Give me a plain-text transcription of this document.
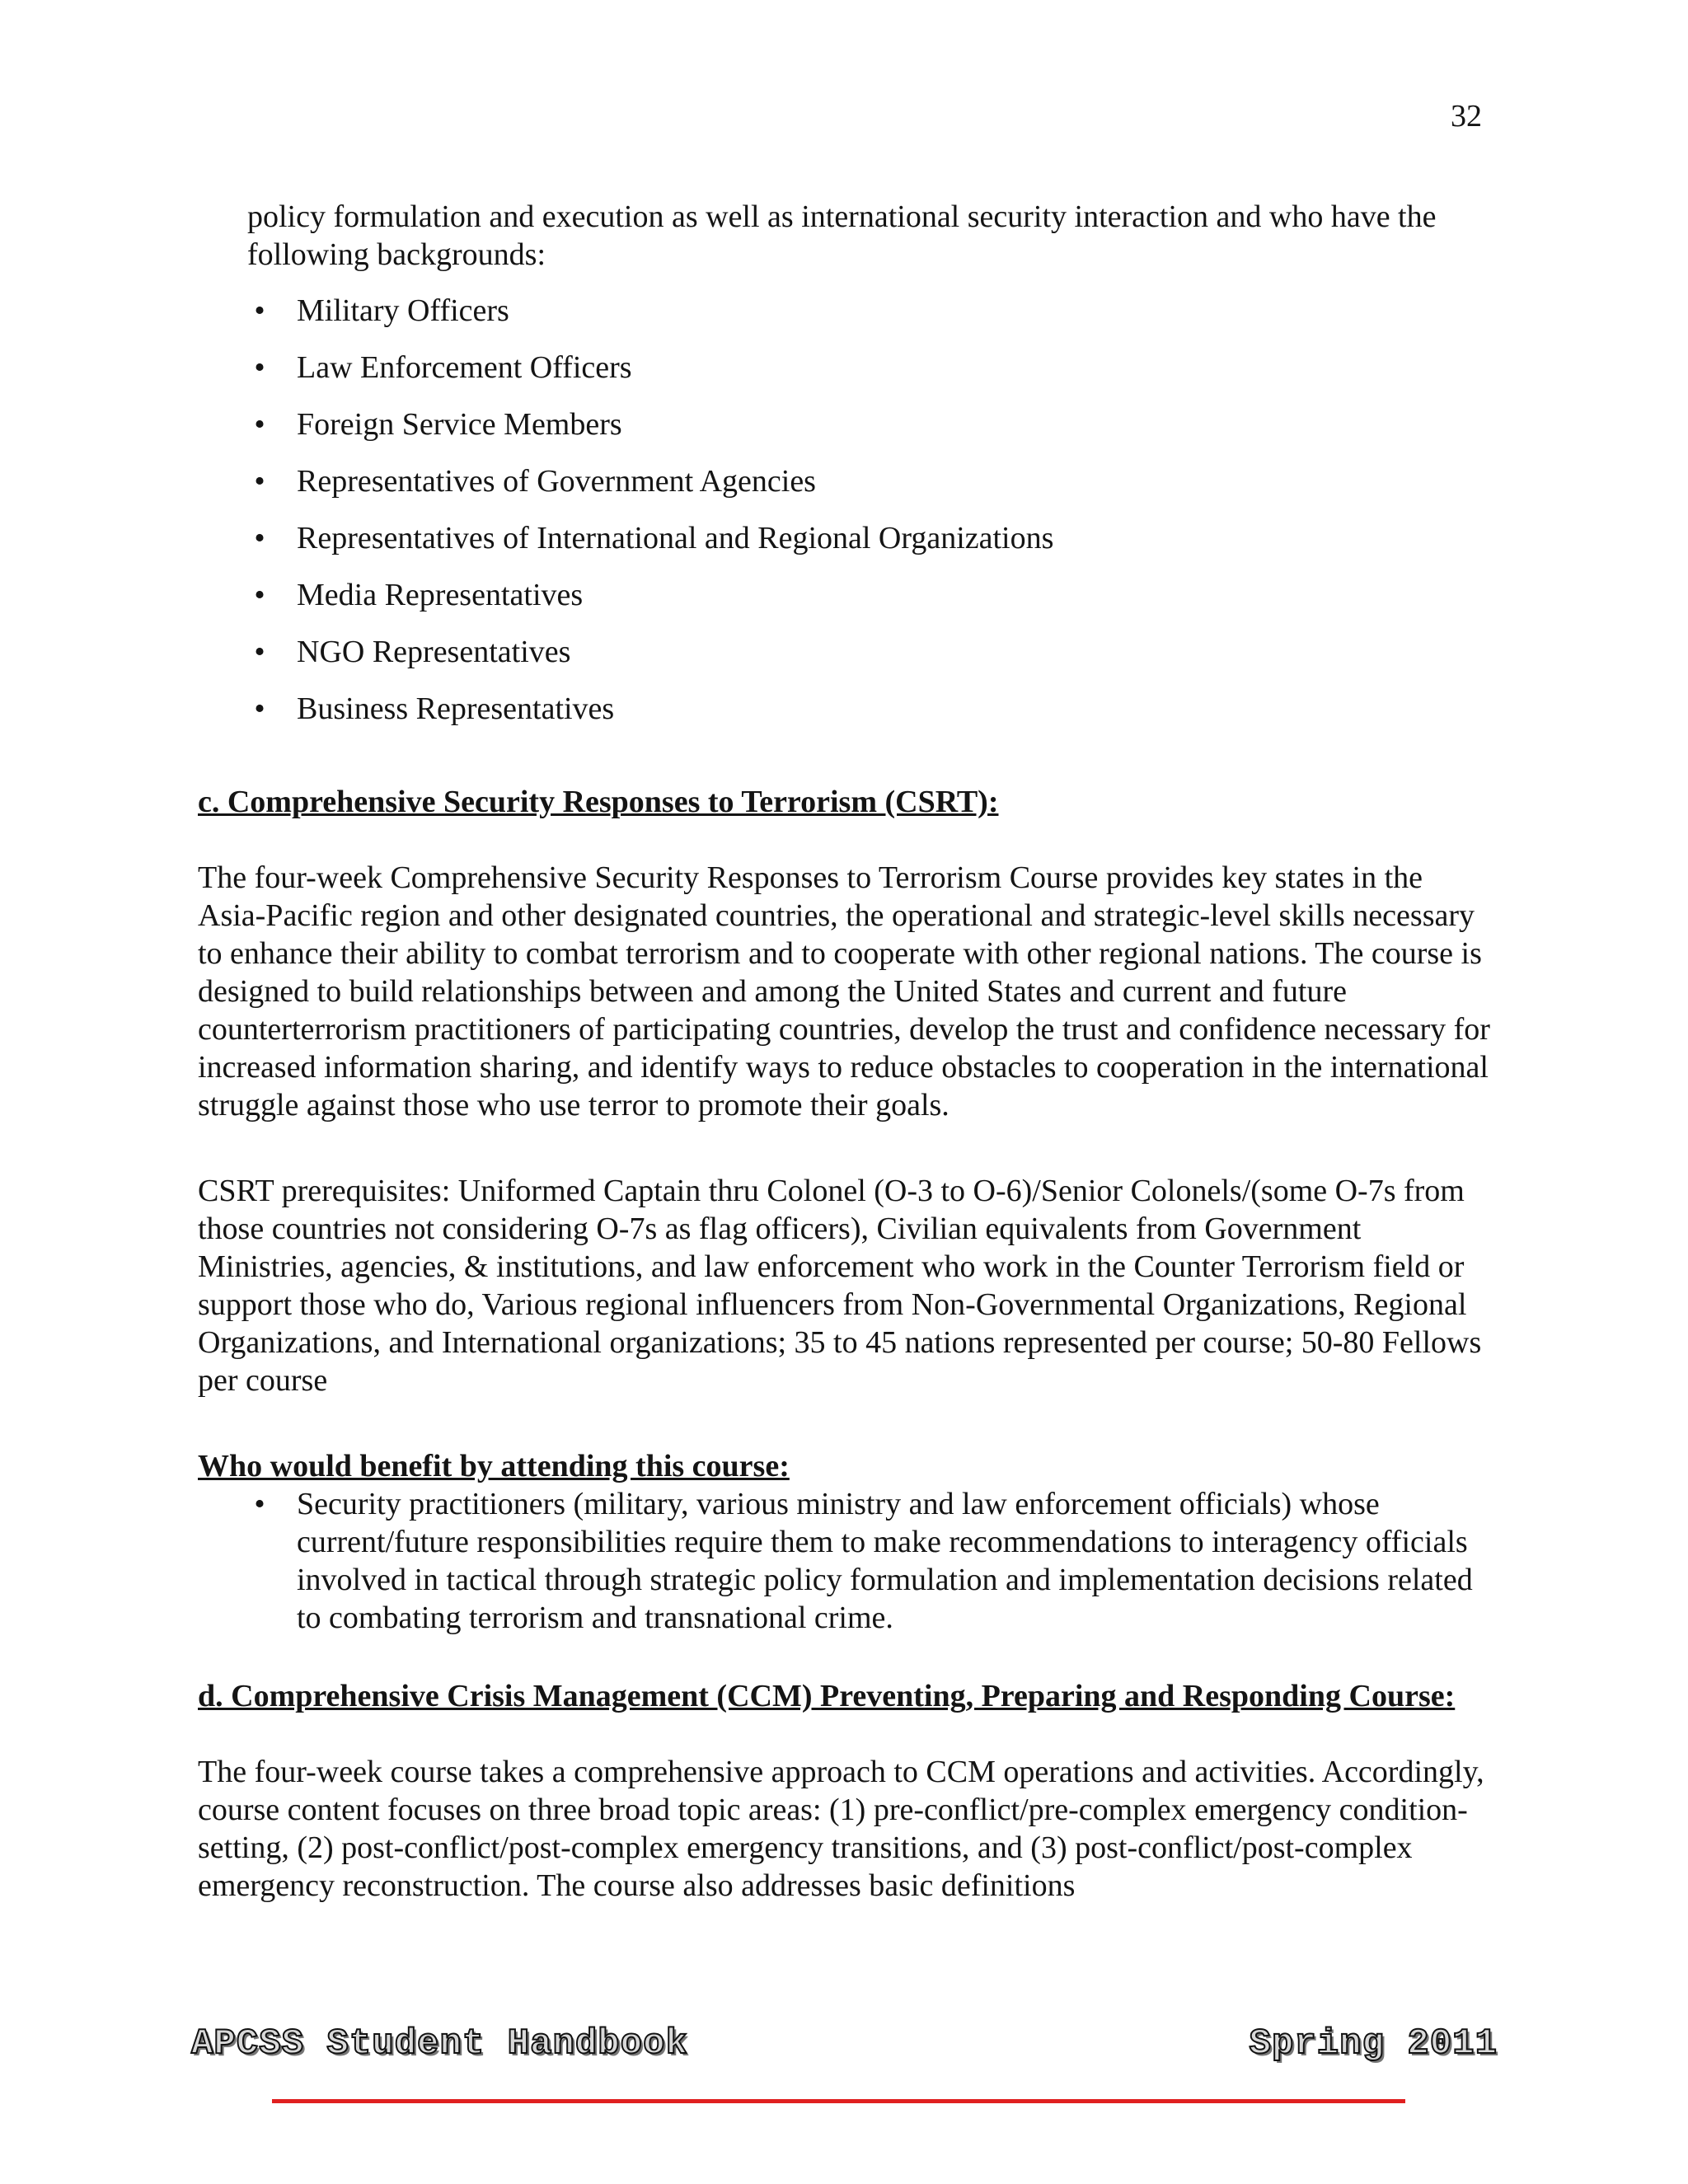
32

policy formulation and execution as well as international security interaction and who have the following backgrounds:

• Military Officers
• Law Enforcement Officers
• Foreign Service Members
• Representatives of Government Agencies
• Representatives of International and Regional Organizations
• Media Representatives
• NGO Representatives
• Business Representatives
c. Comprehensive Security Responses to Terrorism (CSRT):

The four-week Comprehensive Security Responses to Terrorism Course provides key states in the Asia-Pacific region and other designated countries, the operational and strategic-level skills necessary to enhance their ability to combat terrorism and to cooperate with other regional nations. The course is designed to build relationships between and among the United States and current and future counterterrorism practitioners of participating countries, develop the trust and confidence necessary for increased information sharing, and identify ways to reduce obstacles to cooperation in the international struggle against those who use terror to promote their goals.

CSRT prerequisites: Uniformed Captain thru Colonel (O-3 to O-6)/Senior Colonels/(some O-7s from those countries not considering O-7s as flag officers), Civilian equivalents from Government Ministries, agencies, & institutions, and law enforcement who work in the Counter Terrorism field or support those who do, Various regional influencers from Non-Governmental Organizations, Regional Organizations, and International organizations; 35 to 45 nations represented per course; 50-80 Fellows per course

Who would benefit by attending this course:
• Security practitioners (military, various ministry and law enforcement officials) whose current/future responsibilities require them to make recommendations to interagency officials involved in tactical through strategic policy formulation and implementation decisions related to combating terrorism and transnational crime.
d. Comprehensive Crisis Management (CCM) Preventing, Preparing and Responding Course:

The four-week course takes a comprehensive approach to CCM operations and activities. Accordingly, course content focuses on three broad topic areas: (1) pre-conflict/pre-complex emergency condition-setting, (2) post-conflict/post-complex emergency transitions, and (3) post-conflict/post-complex emergency reconstruction. The course also addresses basic definitions

APCSS Student Handbook	Spring 2011
